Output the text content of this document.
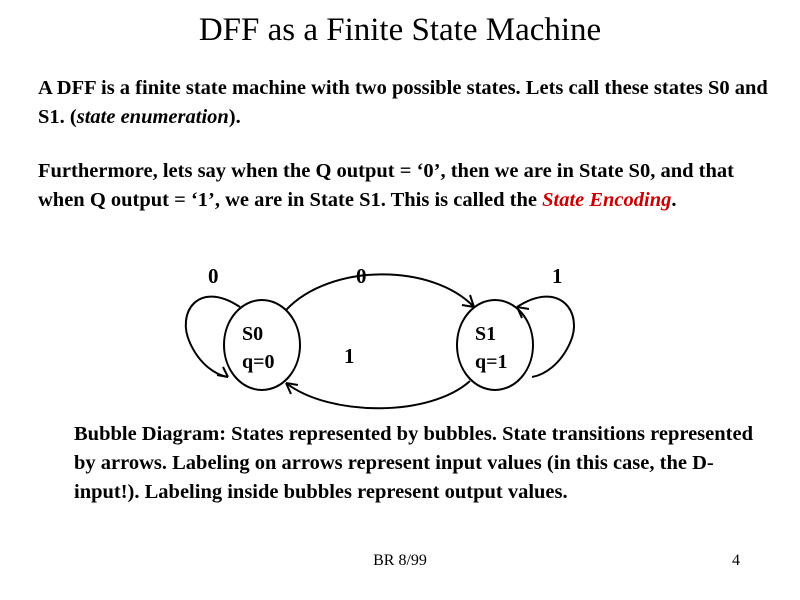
DFF as a Finite State Machine
A DFF is a finite state machine with two possible states. Lets call these states S0 and S1. (state enumeration).
Furthermore, lets say when the Q output = ‘0’, then we are in State S0, and that when Q output = ‘1’, we are in State S1. This is called the State Encoding.
S0
q=0
S1
q=1
0	0
1
1
Bubble Diagram: States represented by bubbles. State transitions represented by arrows. Labeling on arrows represent input values (in this case, the D-input!). Labeling inside bubbles represent output values.
BR 8/99	4
